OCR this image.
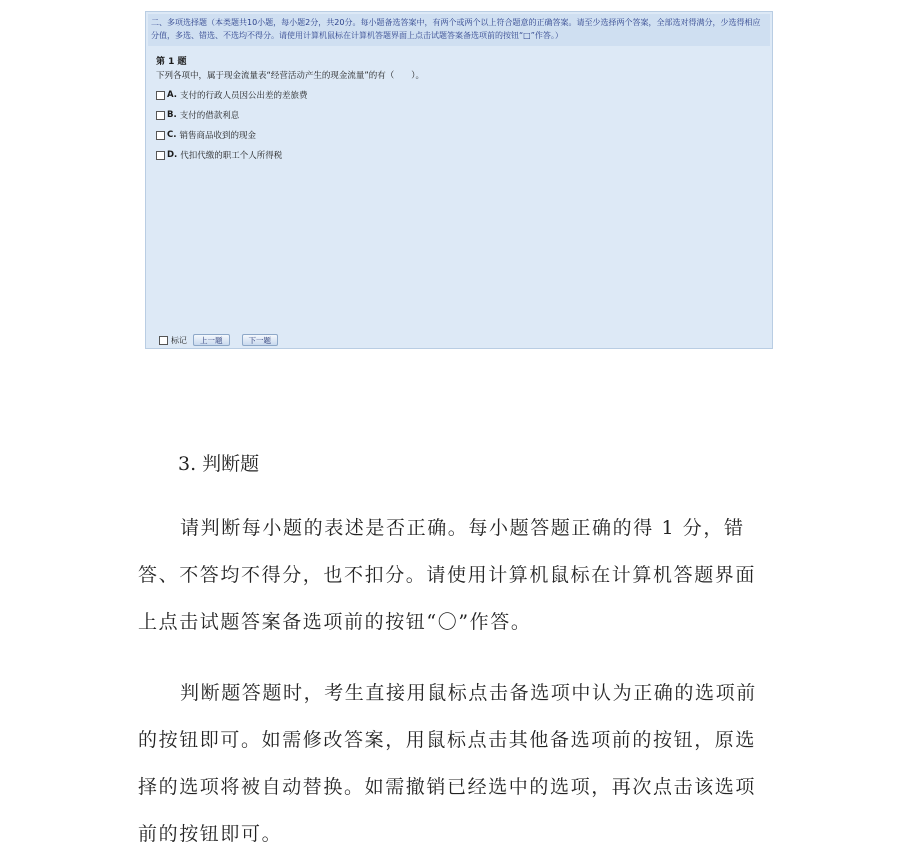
二、多项选择题（本类题共10小题，每小题2分，共20分。每小题备选答案中，有两个或两个以上符合题意的正确答案。请至少选择两个答案，全部选对得满分，少选得相应分值，多选、错选、不选均不得分。请使用计算机鼠标在计算机答题界面上点击试题答案备选项前的按钮“□”作答。）

第 1 题

下列各项中，属于现金流量表“经营活动产生的现金流量”的有（　　）。

A. 支付的行政人员因公出差的差旅费
B. 支付的借款利息
C. 销售商品收到的现金
D. 代扣代缴的职工个人所得税
标记	上一题	下一题
3. 判断题

请判断每小题的表述是否正确。每小题答题正确的得 1 分，错答、不答均不得分，也不扣分。请使用计算机鼠标在计算机答题界面上点击试题答案备选项前的按钮“〇”作答。

判断题答题时，考生直接用鼠标点击备选项中认为正确的选项前的按钮即可。如需修改答案，用鼠标点击其他备选项前的按钮，原选择的选项将被自动替换。如需撤销已经选中的选项，再次点击该选项前的按钮即可。
